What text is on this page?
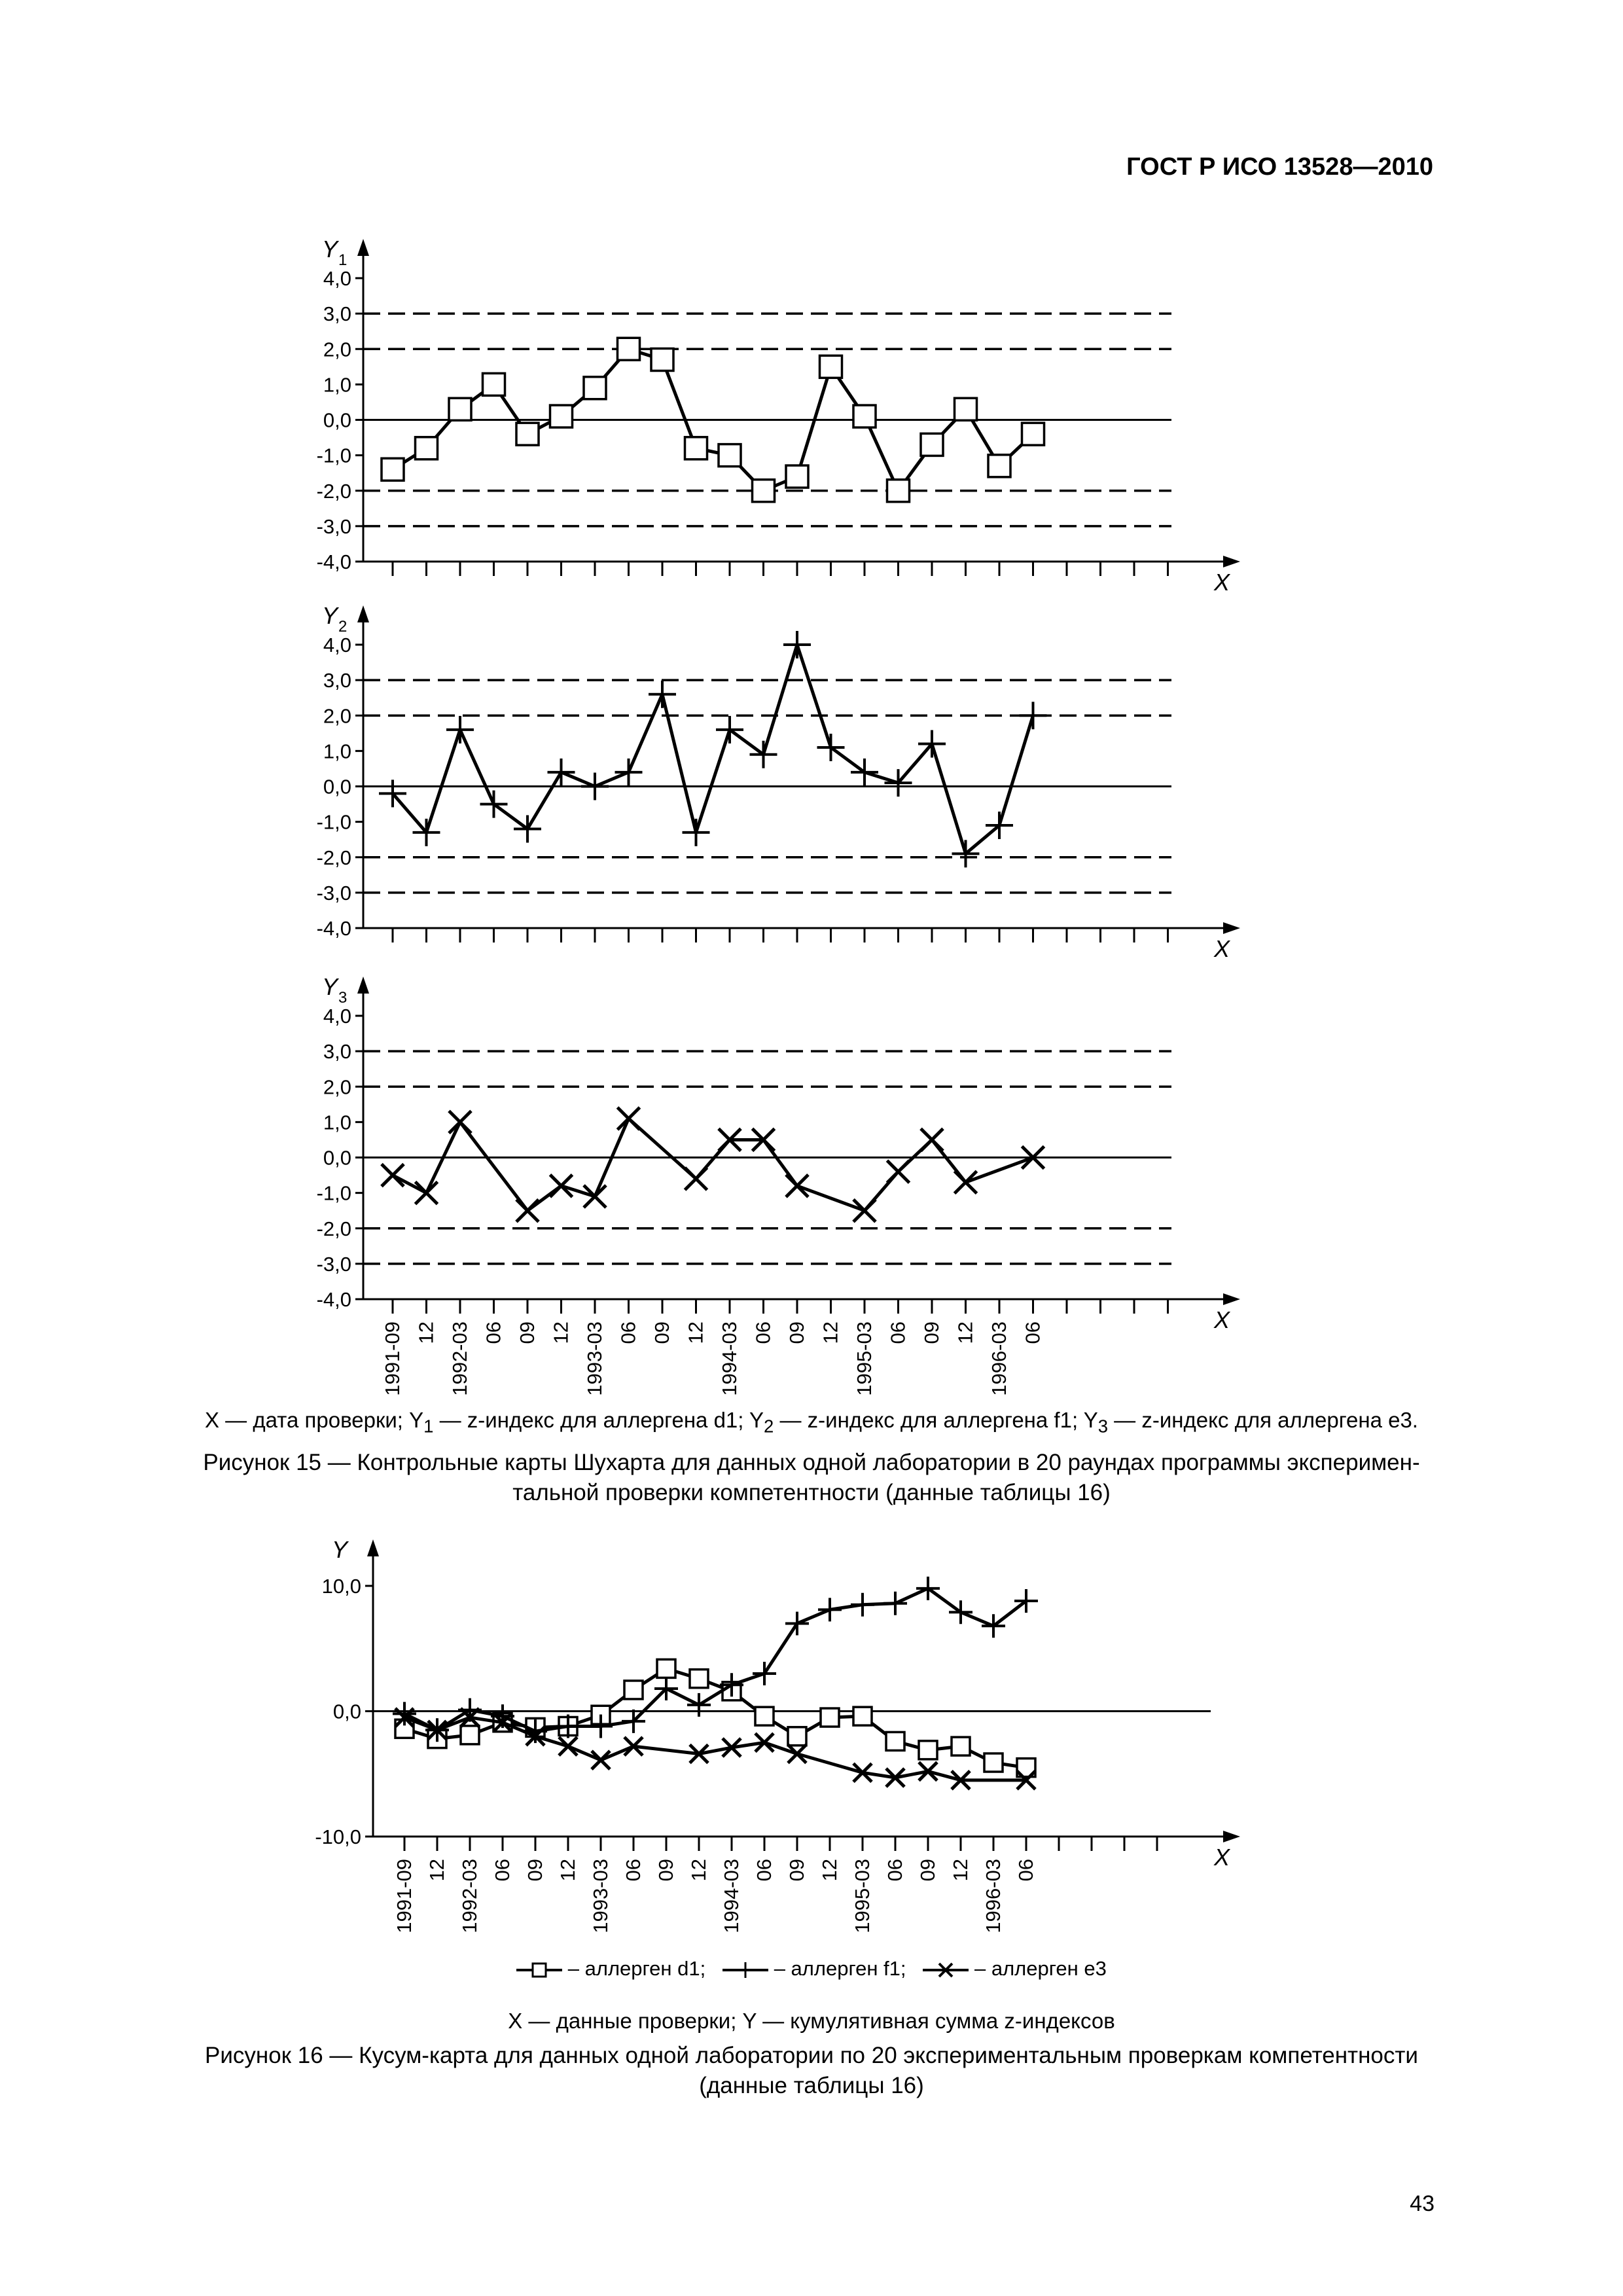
ГОСТ Р ИСО 13528—2010
Y 1
X
4,0
3,0
2,0
1,0
0,0
-1,0
-2,0
-3,0
-4,0
Y 2
X
4,0
3,0
2,0
1,0
0,0
-1,0
-2,0
-3,0
-4,0
Y 3
X
4,0
3,0
2,0
1,0
0,0
-1,0
-2,0
-3,0
-4,0
1991-09 12 1992-03 06 09 12 1993-03 06 09 12 1994-03 06 09 12 1995-03 06 09 12 1996-03 06
Y
X
10,0
0,0
-10,0
1991-09 12 1992-03 06 09 12 1993-03 06 09 12 1994-03 06 09 12 1995-03 06 09 12 1996-03 06
X — дата проверки; $Y_1$ — z-индекс для аллергена d1; $Y_2$ — z-индекс для аллергена f1; $Y_3$ — z-индекс для аллергена e3.
Рисунок 15 — Контрольные карты Шухарта для данных одной лаборатории в 20 раундах программы эксперимен-
тальной проверки компетентности (данные таблицы 16)
– аллерген d1;	– аллерген f1;	– аллерген e3
X — данные проверки; Y — кумулятивная сумма z-индексов
Рисунок 16 — Кусум-карта для данных одной лаборатории по 20 экспериментальным проверкам компетентности
(данные таблицы 16)
43
